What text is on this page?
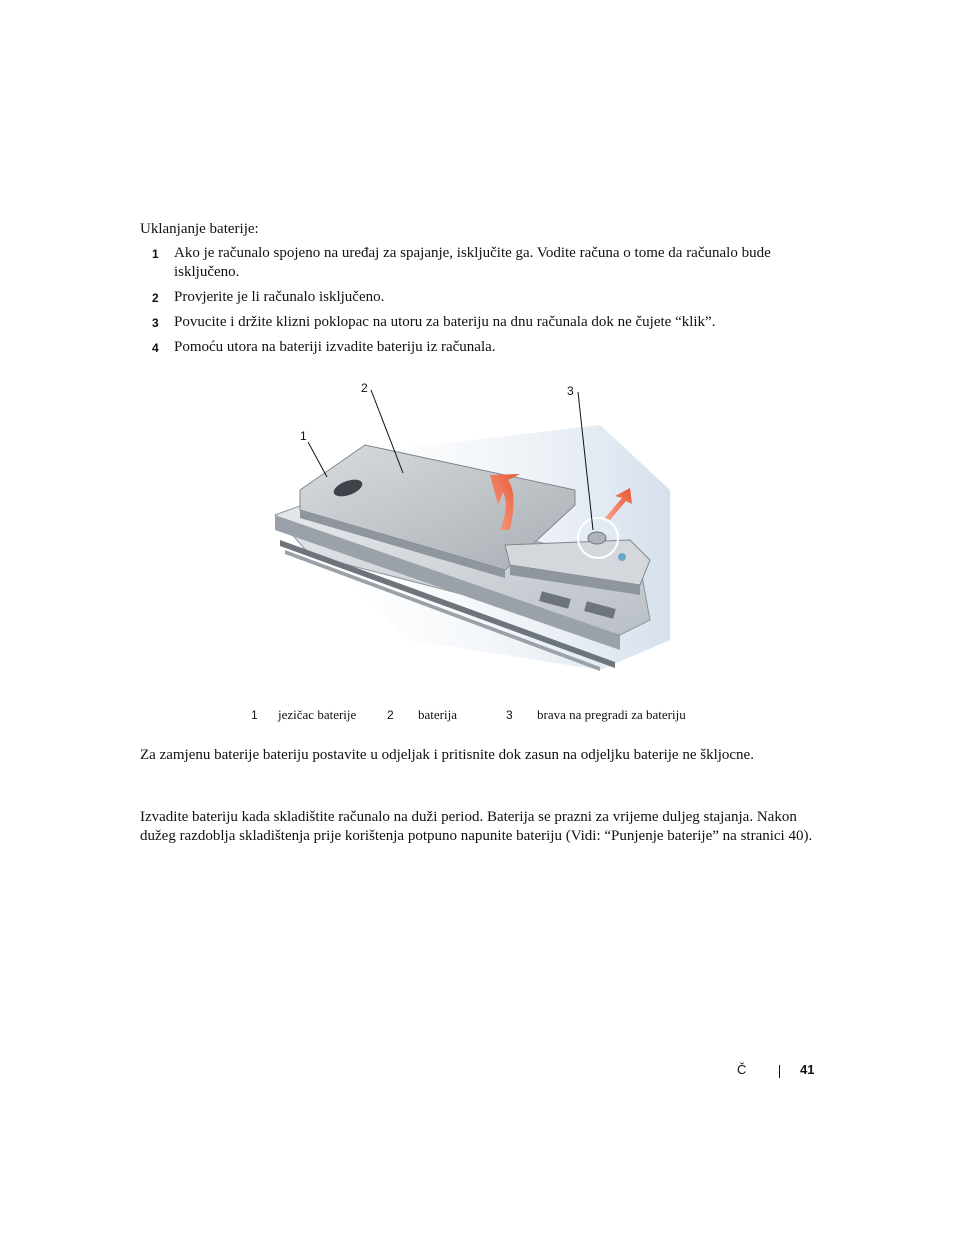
Uklanjanje baterije:
1 Ako je računalo spojeno na uređaj za spajanje, isključite ga. Vodite računa o tome da računalo bude isključeno.
2 Provjerite je li računalo isključeno.
3 Povucite i držite klizni poklopac na utoru za bateriju na dnu računala dok ne čujete “klik”.
4 Pomoću utora na bateriji izvadite bateriju iz računala.
1
2	3
1 jezičac baterije	2 baterija	3 brava na pregradi za bateriju
Za zamjenu baterije bateriju postavite u odjeljak i pritisnite dok zasun na odjeljku baterije ne škljocne.
Izvadite bateriju kada skladištite računalo na duži period. Baterija se prazni za vrijeme duljeg stajanja. Nakon dužeg razdoblja skladištenja prije korištenja potpuno napunite bateriju (Vidi: “Punjenje baterije” na stranici 40).
Č	41
